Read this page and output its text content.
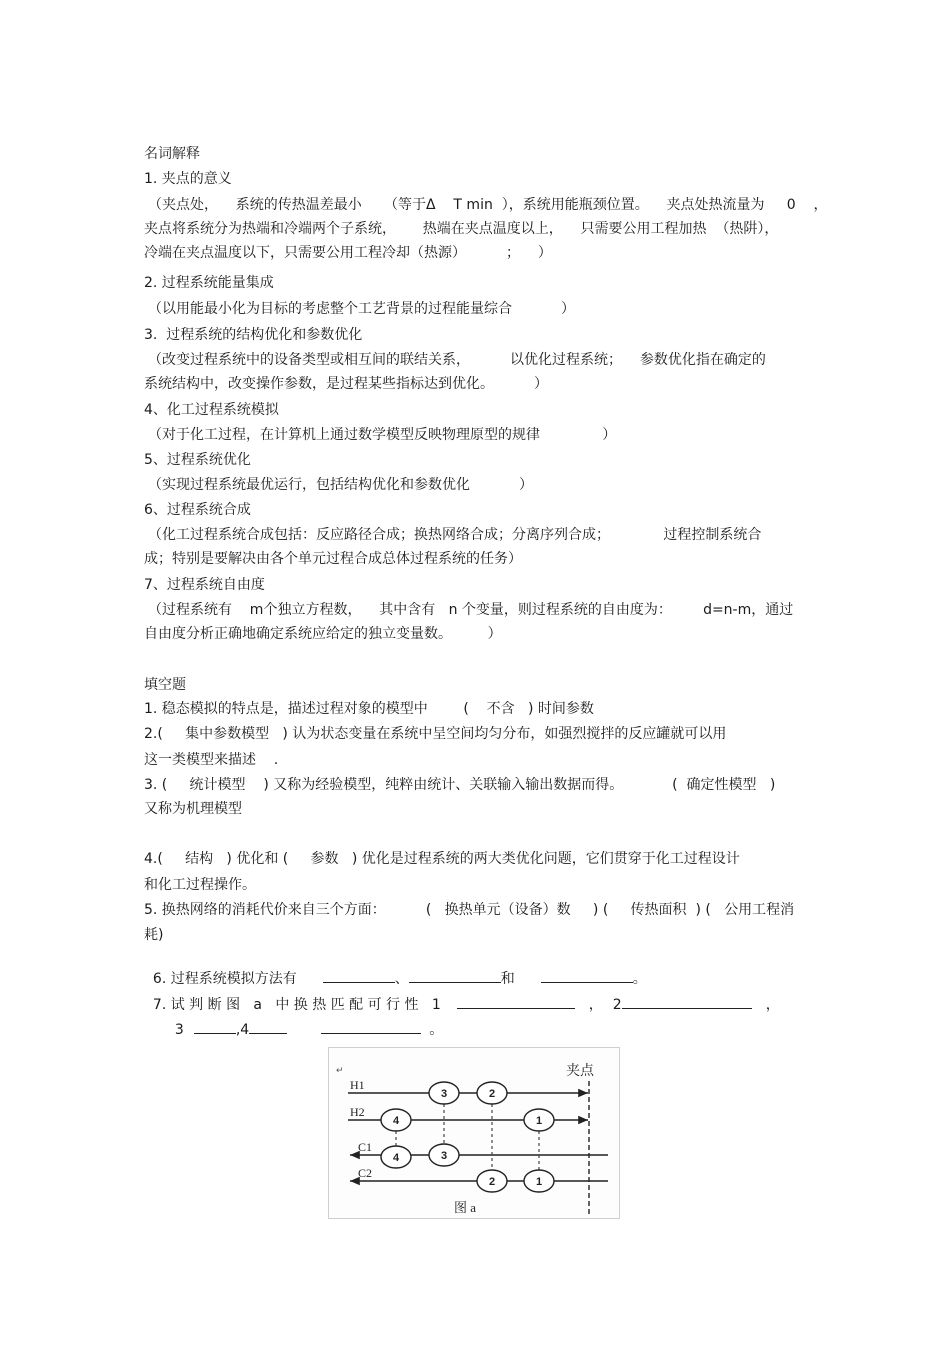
名词解释
1. 夹点的意义
（夹点处，    系统的传热温差最小     （等于Δ    T min  ），系统用能瓶颈位置。    夹点处热流量为     0    ，
夹点将系统分为热端和冷端两个子系统，      热端在夹点温度以上，    只需要公用工程加热  （热阱），
冷端在夹点温度以下，只需要公用工程冷却（热源）         ；    ）
2. 过程系统能量集成
（以用能最小化为目标的考虑整个工艺背景的过程能量综合           ）
3.  过程系统的结构优化和参数优化
（改变过程系统中的设备类型或相互间的联结关系，         以优化过程系统；    参数优化指在确定的
系统结构中，改变操作参数，是过程某些指标达到优化。         ）
4、化工过程系统模拟
（对于化工过程，在计算机上通过数学模型反映物理原型的规律              ）
5、过程系统优化
（实现过程系统最优运行，包括结构优化和参数优化           ）
6、过程系统合成
（化工过程系统合成包括：反应路径合成；换热网络合成；分离序列合成；            过程控制系统合
成；特别是要解决由各个单元过程合成总体过程系统的任务）
7、过程系统自由度
（过程系统有    m个独立方程数，    其中含有   n 个变量，则过程系统的自由度为：       d=n-m，通过
自由度分析正确地确定系统应给定的独立变量数。        ）
填空题
1. 稳态模拟的特点是，描述过程对象的模型中        (    不含   ) 时间参数
2.(     集中参数模型   ) 认为状态变量在系统中呈空间均匀分布，如强烈搅拌的反应罐就可以用
这一类模型来描述    .
3. (     统计模型    ) 又称为经验模型，纯粹由统计、关联输入输出数据而得。           (  确定性模型   )
又称为机理模型
4.(     结构   ) 优化和 (     参数   ) 优化是过程系统的两大类优化问题，它们贯穿于化工过程设计
和化工过程操作。
5. 换热网络的消耗代价来自三个方面：         (   换热单元（设备）数     ) (     传热面积  ) (   公用工程消
耗)

6. 过程系统模拟方法有	、	和	。

7. 试 判 断 图   a   中 换 热 匹 配 可 行 性   1	， 2	，

3	,4	。

↵	夹点
H1
H2
C1
C2
3	2
4	1
4	3
2	1
图 a
